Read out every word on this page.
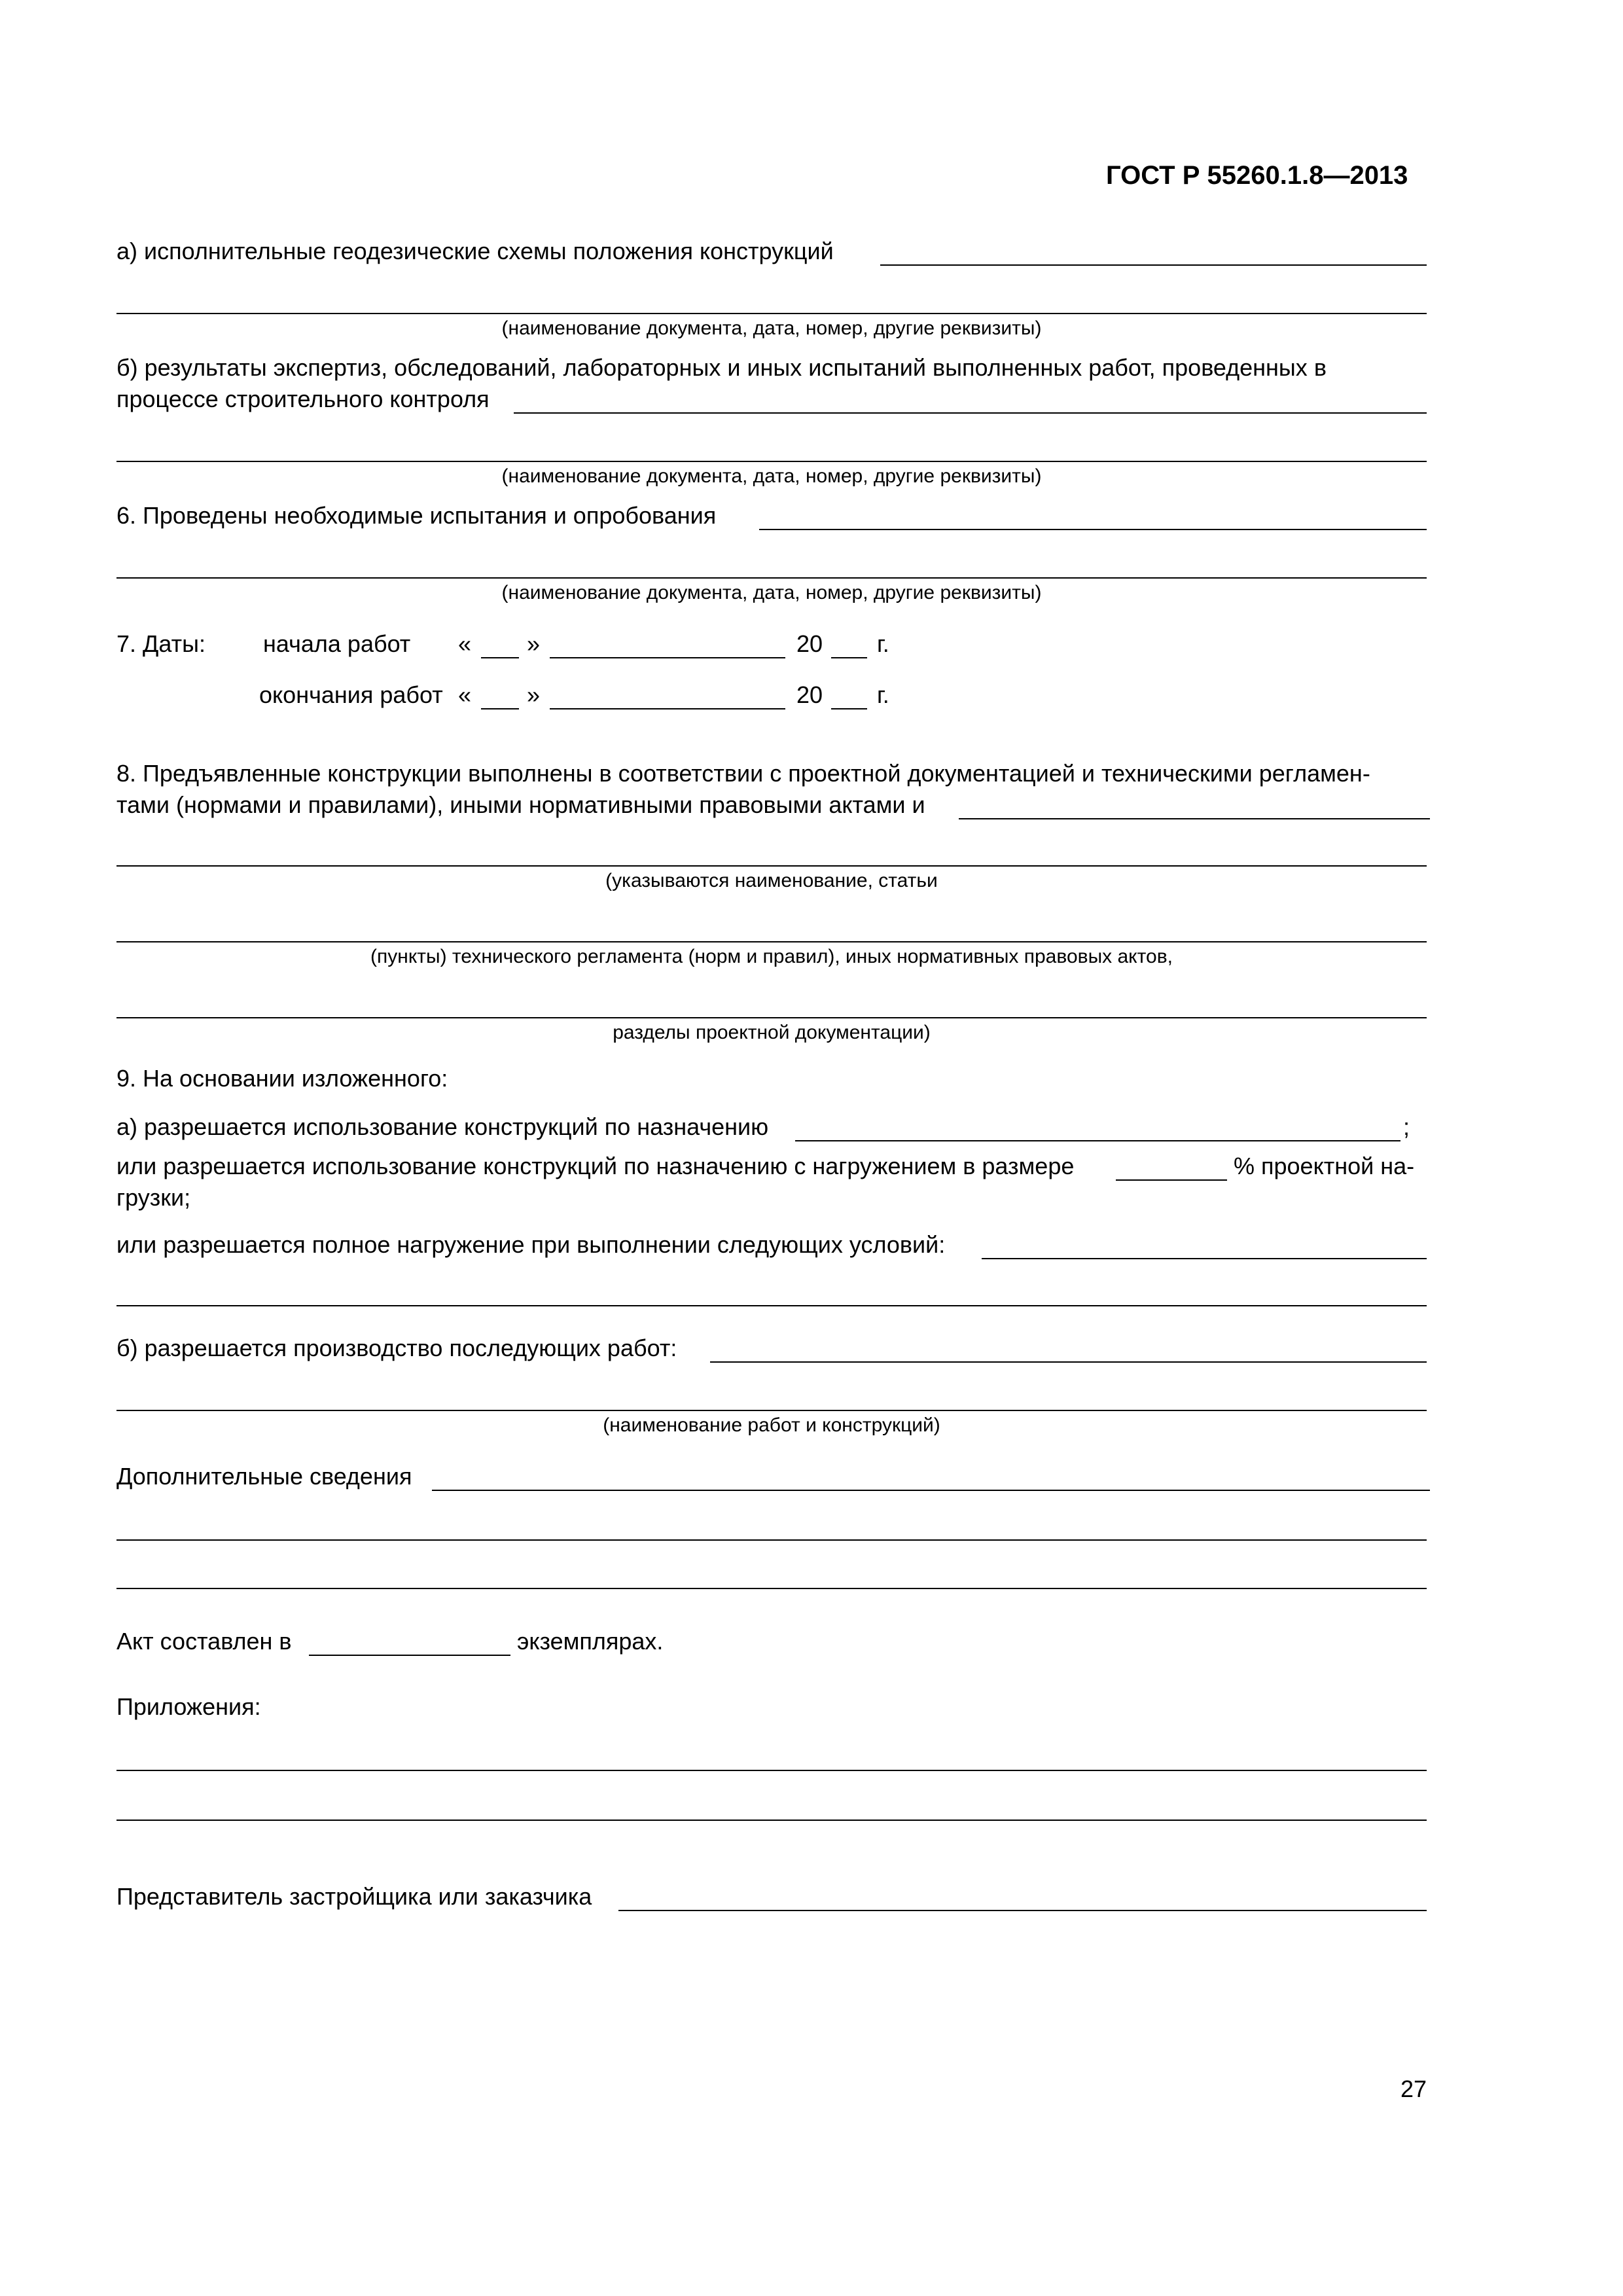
ГОСТ Р 55260.1.8—2013
а) исполнительные геодезические схемы положения конструкций
(наименование документа, дата, номер, другие реквизиты)
б) результаты экспертиз, обследований, лабораторных и иных испытаний выполненных работ, проведенных в
процессе строительного контроля
(наименование документа, дата, номер, другие реквизиты)
6. Проведены необходимые испытания и опробования
(наименование документа, дата, номер, другие реквизиты)
7. Даты: начала работ « »	20 г.
окончания работ « »	20 г.
8. Предъявленные конструкции выполнены в соответствии с проектной документацией и техническими регламен-
тами (нормами и правилами), иными нормативными правовыми актами и
(указываются наименование, статьи
(пункты) технического регламента (норм и правил), иных нормативных правовых актов,
разделы проектной документации)
9. На основании изложенного:
а) разрешается использование конструкций по назначению	;
или разрешается использование конструкций по назначению с нагружением в размере	% проектной на-
грузки;
или разрешается полное нагружение при выполнении следующих условий:
б) разрешается производство последующих работ:
(наименование работ и конструкций)
Дополнительные сведения
Акт составлен в	экземплярах.
Приложения:
Представитель застройщика или заказчика
27
